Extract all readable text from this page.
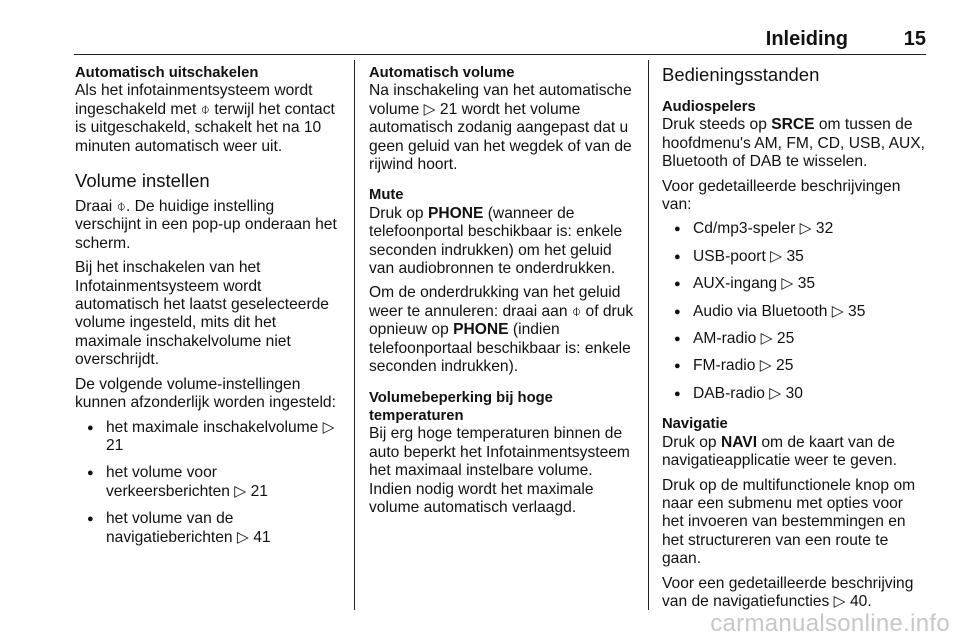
Inleiding	15
Automatisch uitschakelen

Als het infotainmentsysteem wordt ingeschakeld met ⌽ terwijl het contact is uitgeschakeld, schakelt het na 10 minuten automatisch weer uit.

Volume instellen

Draai ⌽. De huidige instelling verschijnt in een pop-up onderaan het scherm.

Bij het inschakelen van het Infotainmentsysteem wordt automatisch het laatst geselecteerde volume ingesteld, mits dit het maximale inschakelvolume niet overschrijdt.

De volgende volume-instellingen kunnen afzonderlijk worden ingesteld:

● het maximale inschakelvolume ▷ 21
● het volume voor verkeersberichten ▷ 21
● het volume van de navigatieberichten ▷ 41
Automatisch volume

Na inschakeling van het automatische volume ▷ 21 wordt het volume automatisch zodanig aangepast dat u geen geluid van het wegdek of van de rijwind hoort.

Mute

Druk op PHONE (wanneer de telefoonportal beschikbaar is: enkele seconden indrukken) om het geluid van audiobronnen te onderdrukken.

Om de onderdrukking van het geluid weer te annuleren: draai aan ⌽ of druk opnieuw op PHONE (indien telefoonportaal beschikbaar is: enkele seconden indrukken).

Volumebeperking bij hoge temperaturen

Bij erg hoge temperaturen binnen de auto beperkt het Infotainmentsysteem het maximaal instelbare volume. Indien nodig wordt het maximale volume automatisch verlaagd.

Bedieningsstanden
Audiospelers

Druk steeds op SRCE om tussen de hoofdmenu's AM, FM, CD, USB, AUX, Bluetooth of DAB te wisselen.

Voor gedetailleerde beschrijvingen van:

● Cd/mp3-speler ▷ 32
● USB-poort ▷ 35
● AUX-ingang ▷ 35
● Audio via Bluetooth ▷ 35
● AM-radio ▷ 25
● FM-radio ▷ 25
● DAB-radio ▷ 30
Navigatie

Druk op NAVI om de kaart van de navigatieapplicatie weer te geven.

Druk op de multifunctionele knop om naar een submenu met opties voor het invoeren van bestemmingen en het structureren van een route te gaan.

Voor een gedetailleerde beschrijving van de navigatiefuncties ▷ 40.

carmanualsonline.info
